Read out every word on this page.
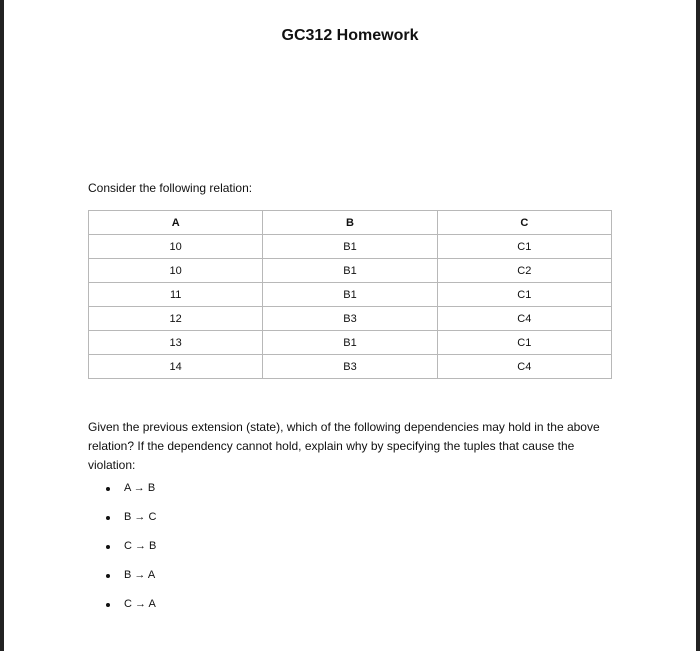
GC312 Homework
Consider the following relation:
A	B	C
10	B1	C1
10	B1	C2
11	B1	C1
12	B3	C4
13	B1	C1
14	B3	C4
Given the previous extension (state), which of the following dependencies may hold in the above relation? If the dependency cannot hold, explain why by specifying the tuples that cause the violation:
A → B
B → C
C → B
B → A
C → A
